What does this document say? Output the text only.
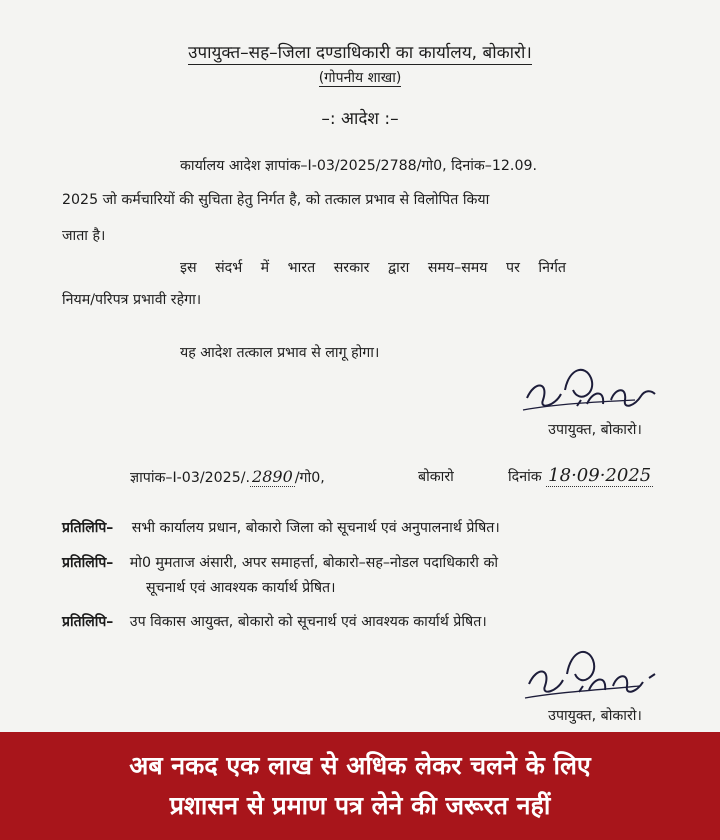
उपायुक्त–सह–जिला दण्डाधिकारी का कार्यालय, बोकारो।
(गोपनीय शाखा)
–: आदेश :–
कार्यालय आदेश ज्ञापांक–I-03/2025/2788/गो0, दिनांक–12.09.
2025 जो कर्मचारियों की सुचिता हेतु निर्गत है, को तत्काल प्रभाव से विलोपित किया
जाता है।
इस संदर्भ में भारत सरकार द्वारा समय–समय पर निर्गत
नियम/परिपत्र प्रभावी रहेगा।
यह आदेश तत्काल प्रभाव से लागू होगा।
उपायुक्त, बोकारो।
ज्ञापांक–I-03/2025/. 2890 /गो0,	बोकारो	दिनांक 18·09·2025
प्रतिलिपि– सभी कार्यालय प्रधान, बोकारो जिला को सूचनार्थ एवं अनुपालनार्थ प्रेषित।
प्रतिलिपि– मो0 मुमताज अंसारी, अपर समाहर्त्ता, बोकारो–सह–नोडल पदाधिकारी को
सूचनार्थ एवं आवश्यक कार्यार्थ प्रेषित।
प्रतिलिपि– उप विकास आयुक्त, बोकारो को सूचनार्थ एवं आवश्यक कार्यार्थ प्रेषित।
उपायुक्त, बोकारो।
अब नकद एक लाख से अधिक लेकर चलने के लिए
प्रशासन से प्रमाण पत्र लेने की जरूरत नहीं
